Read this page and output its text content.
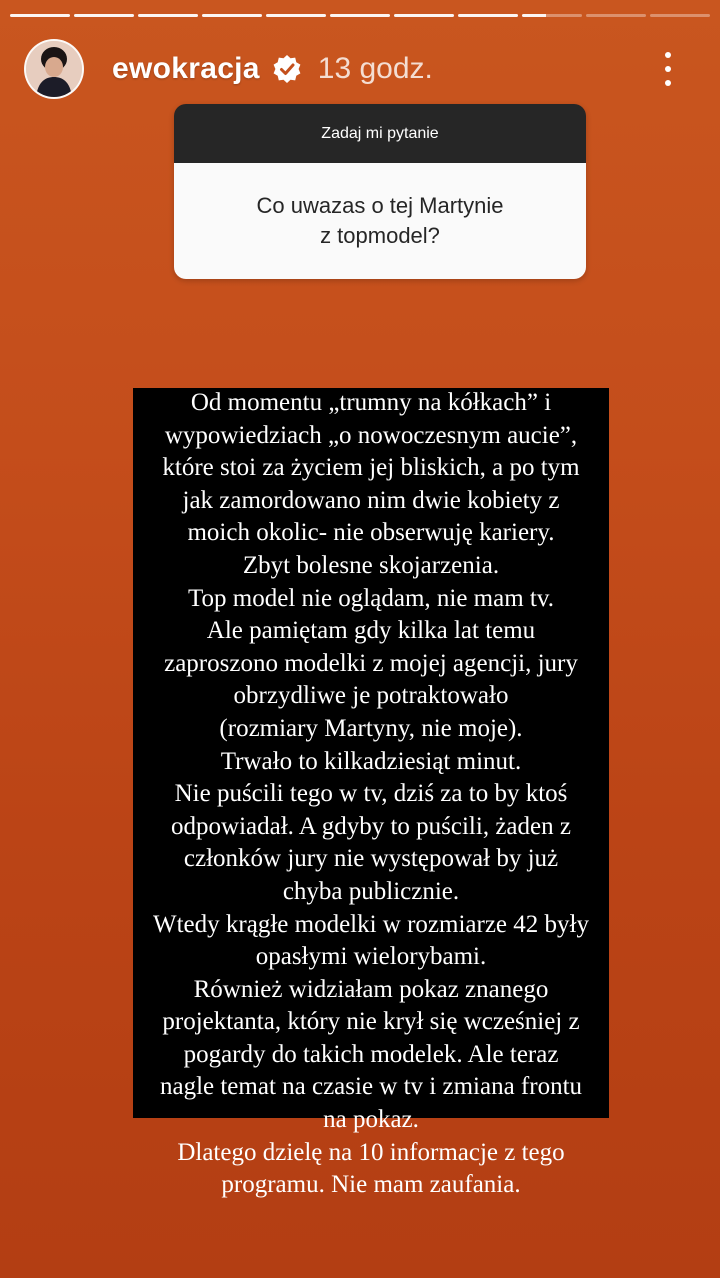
ewokracja 13 godz.
Zadaj mi pytanie
Co uwazas o tej Martynie
z topmodel?
Od momentu „trumny na kółkach” i
wypowiedziach „o nowoczesnym aucie”,
które stoi za życiem jej bliskich, a po tym
jak zamordowano nim dwie kobiety z
moich okolic- nie obserwuję kariery.
Zbyt bolesne skojarzenia.
Top model nie oglądam, nie mam tv.
Ale pamiętam gdy kilka lat temu
zaproszono modelki z mojej agencji, jury
obrzydliwe je potraktowało
(rozmiary Martyny, nie moje).
Trwało to kilkadziesiąt minut.
Nie puścili tego w tv, dziś za to by ktoś
odpowiadał. A gdyby to puścili, żaden z
członków jury nie występował by już
chyba publicznie.
Wtedy krągłe modelki w rozmiarze 42 były
opasłymi wielorybami.
Również widziałam pokaz znanego
projektanta, który nie krył się wcześniej z
pogardy do takich modelek. Ale teraz
nagle temat na czasie w tv i zmiana frontu
na pokaz.
Dlatego dzielę na 10 informacje z tego
programu. Nie mam zaufania.
